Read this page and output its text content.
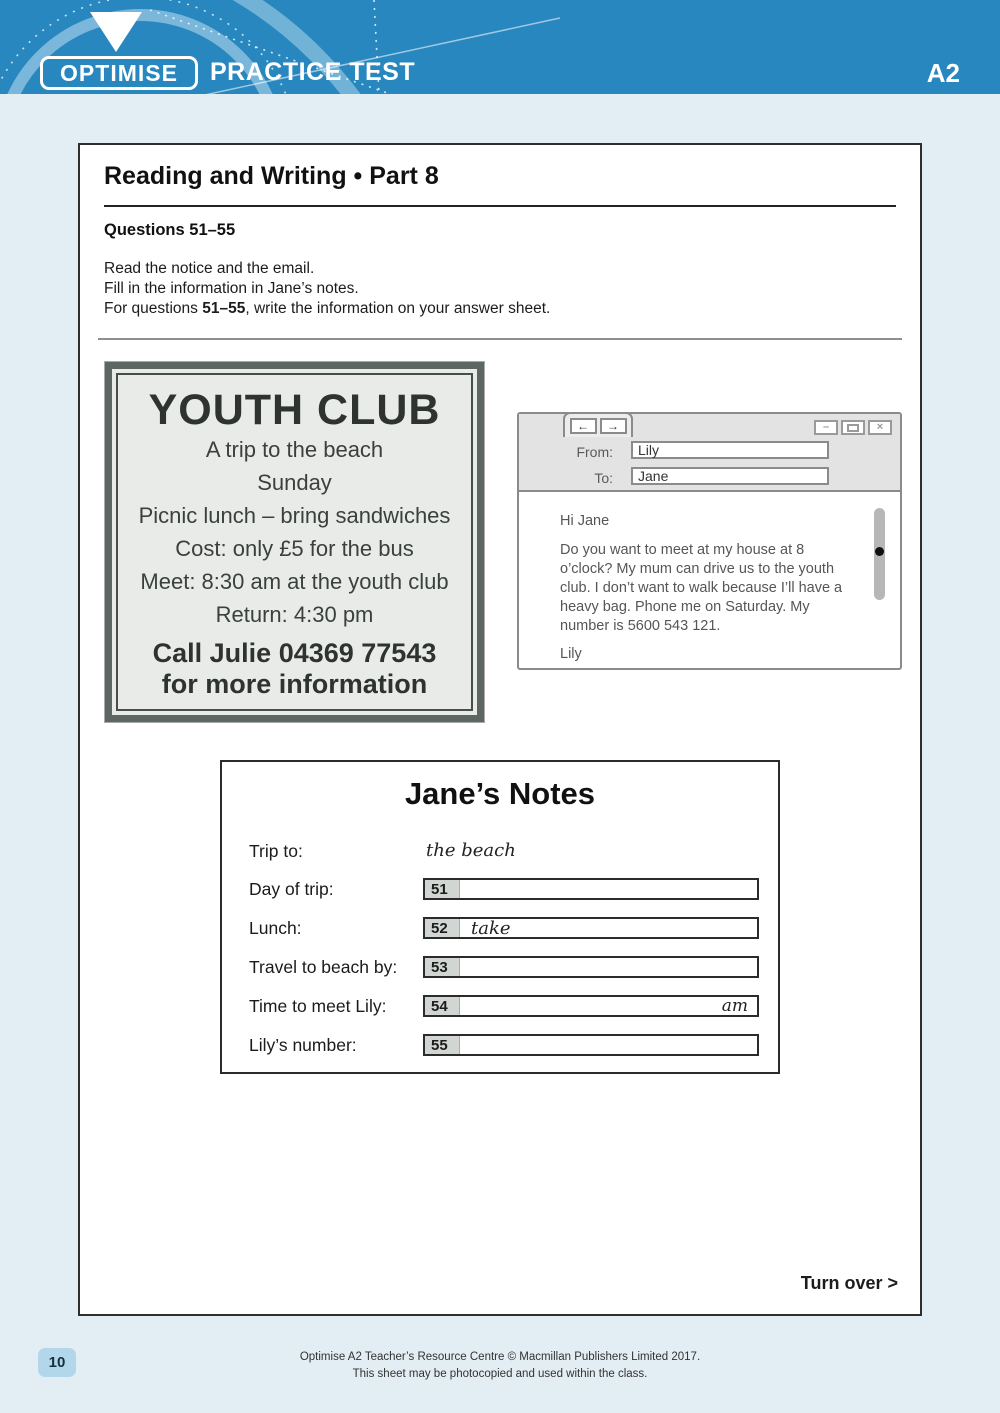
OPTIMISE PRACTICE TEST	A2
Reading and Writing • Part 8
Questions 51–55
Read the notice and the email.
Fill in the information in Jane’s notes.
For questions 51–55, write the information on your answer sheet.
YOUTH CLUB
A trip to the beach
Sunday
Picnic lunch – bring sandwiches
Cost: only £5 for the bus
Meet: 8:30 am at the youth club
Return: 4:30 pm
Call Julie 04369 77543
for more information
← →	–	×
From:	Lily
To:	Jane
Hi Jane
Do you want to meet at my house at 8 o’clock? My mum can drive us to the youth club. I don’t want to walk because I’ll have a heavy bag. Phone me on Saturday. My number is 5600 543 121.
Lily
Jane’s Notes
Trip to:	the beach
Day of trip:	51
Lunch:	52	take
Travel to beach by:	53
Time to meet Lily:	54	am
Lily’s number:	55
Turn over >
10	Optimise A2 Teacher’s Resource Centre © Macmillan Publishers Limited 2017.
This sheet may be photocopied and used within the class.
